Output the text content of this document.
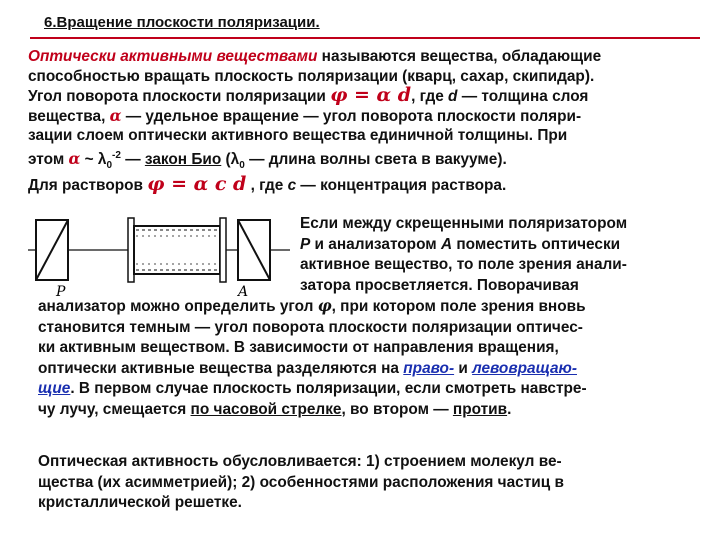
6.Вращение плоскости поляризации.
Оптически активными веществами называются вещества, обладающие
способностью вращать плоскость поляризации (кварц, сахар, скипидар).
Угол поворота плоскости поляризации φ = α d, где d — толщина слоя
вещества, α — удельное вращение — угол поворота плоскости поляри-
зации слоем оптически активного вещества единичной толщины. При
этом α ~ $\lambda_0^{-2}$ — закон Био ($\lambda_0$ — длина волны света в вакууме).
Для растворов φ = α c d , где c — концентрация раствора.
P	A
Если между скрещенными поляризатором
P и анализатором A поместить оптически
активное вещество, то поле зрения анали-
затора просветляется. Поворачивая
анализатор можно определить угол φ, при котором поле зрения вновь
становится темным — угол поворота плоскости поляризации оптичес-
ки активным веществом. В зависимости от направления вращения,
оптически активные вещества разделяются на право- и левовращаю-
щие. В первом случае плоскость поляризации, если смотреть навстре-
чу лучу, смещается по часовой стрелке, во втором — против.
Оптическая активность обусловливается: 1) строением молекул ве-
щества (их асимметрией); 2) особенностями расположения частиц в
кристаллической решетке.
